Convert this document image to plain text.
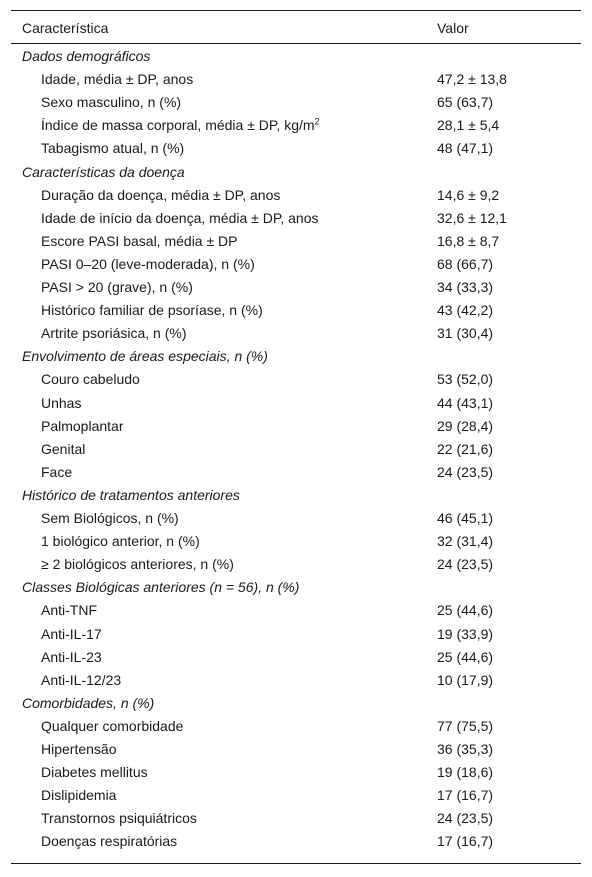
Característica	Valor
Dados demográficos
Idade, média ± DP, anos	47,2 ± 13,8
Sexo masculino, n (%)	65 (63,7)
Índice de massa corporal, média ± DP, $kg/m^2$	28,1 ± 5,4
Tabagismo atual, n (%)	48 (47,1)
Características da doença
Duração da doença, média ± DP, anos	14,6 ± 9,2
Idade de início da doença, média ± DP, anos	32,6 ± 12,1
Escore PASI basal, média ± DP	16,8 ± 8,7
PASI 0–20 (leve-moderada), n (%)	68 (66,7)
PASI > 20 (grave), n (%)	34 (33,3)
Histórico familiar de psoríase, n (%)	43 (42,2)
Artrite psoriásica, n (%)	31 (30,4)
Envolvimento de áreas especiais, n (%)
Couro cabeludo	53 (52,0)
Unhas	44 (43,1)
Palmoplantar	29 (28,4)
Genital	22 (21,6)
Face	24 (23,5)
Histórico de tratamentos anteriores
Sem Biológicos, n (%)	46 (45,1)
1 biológico anterior, n (%)	32 (31,4)
≥ 2 biológicos anteriores, n (%)	24 (23,5)
Classes Biológicas anteriores (n = 56), n (%)
Anti-TNF	25 (44,6)
Anti-IL-17	19 (33,9)
Anti-IL-23	25 (44,6)
Anti-IL-12/23	10 (17,9)
Comorbidades, n (%)
Qualquer comorbidade	77 (75,5)
Hipertensão	36 (35,3)
Diabetes mellitus	19 (18,6)
Dislipidemia	17 (16,7)
Transtornos psiquiátricos	24 (23,5)
Doenças respiratórias	17 (16,7)
